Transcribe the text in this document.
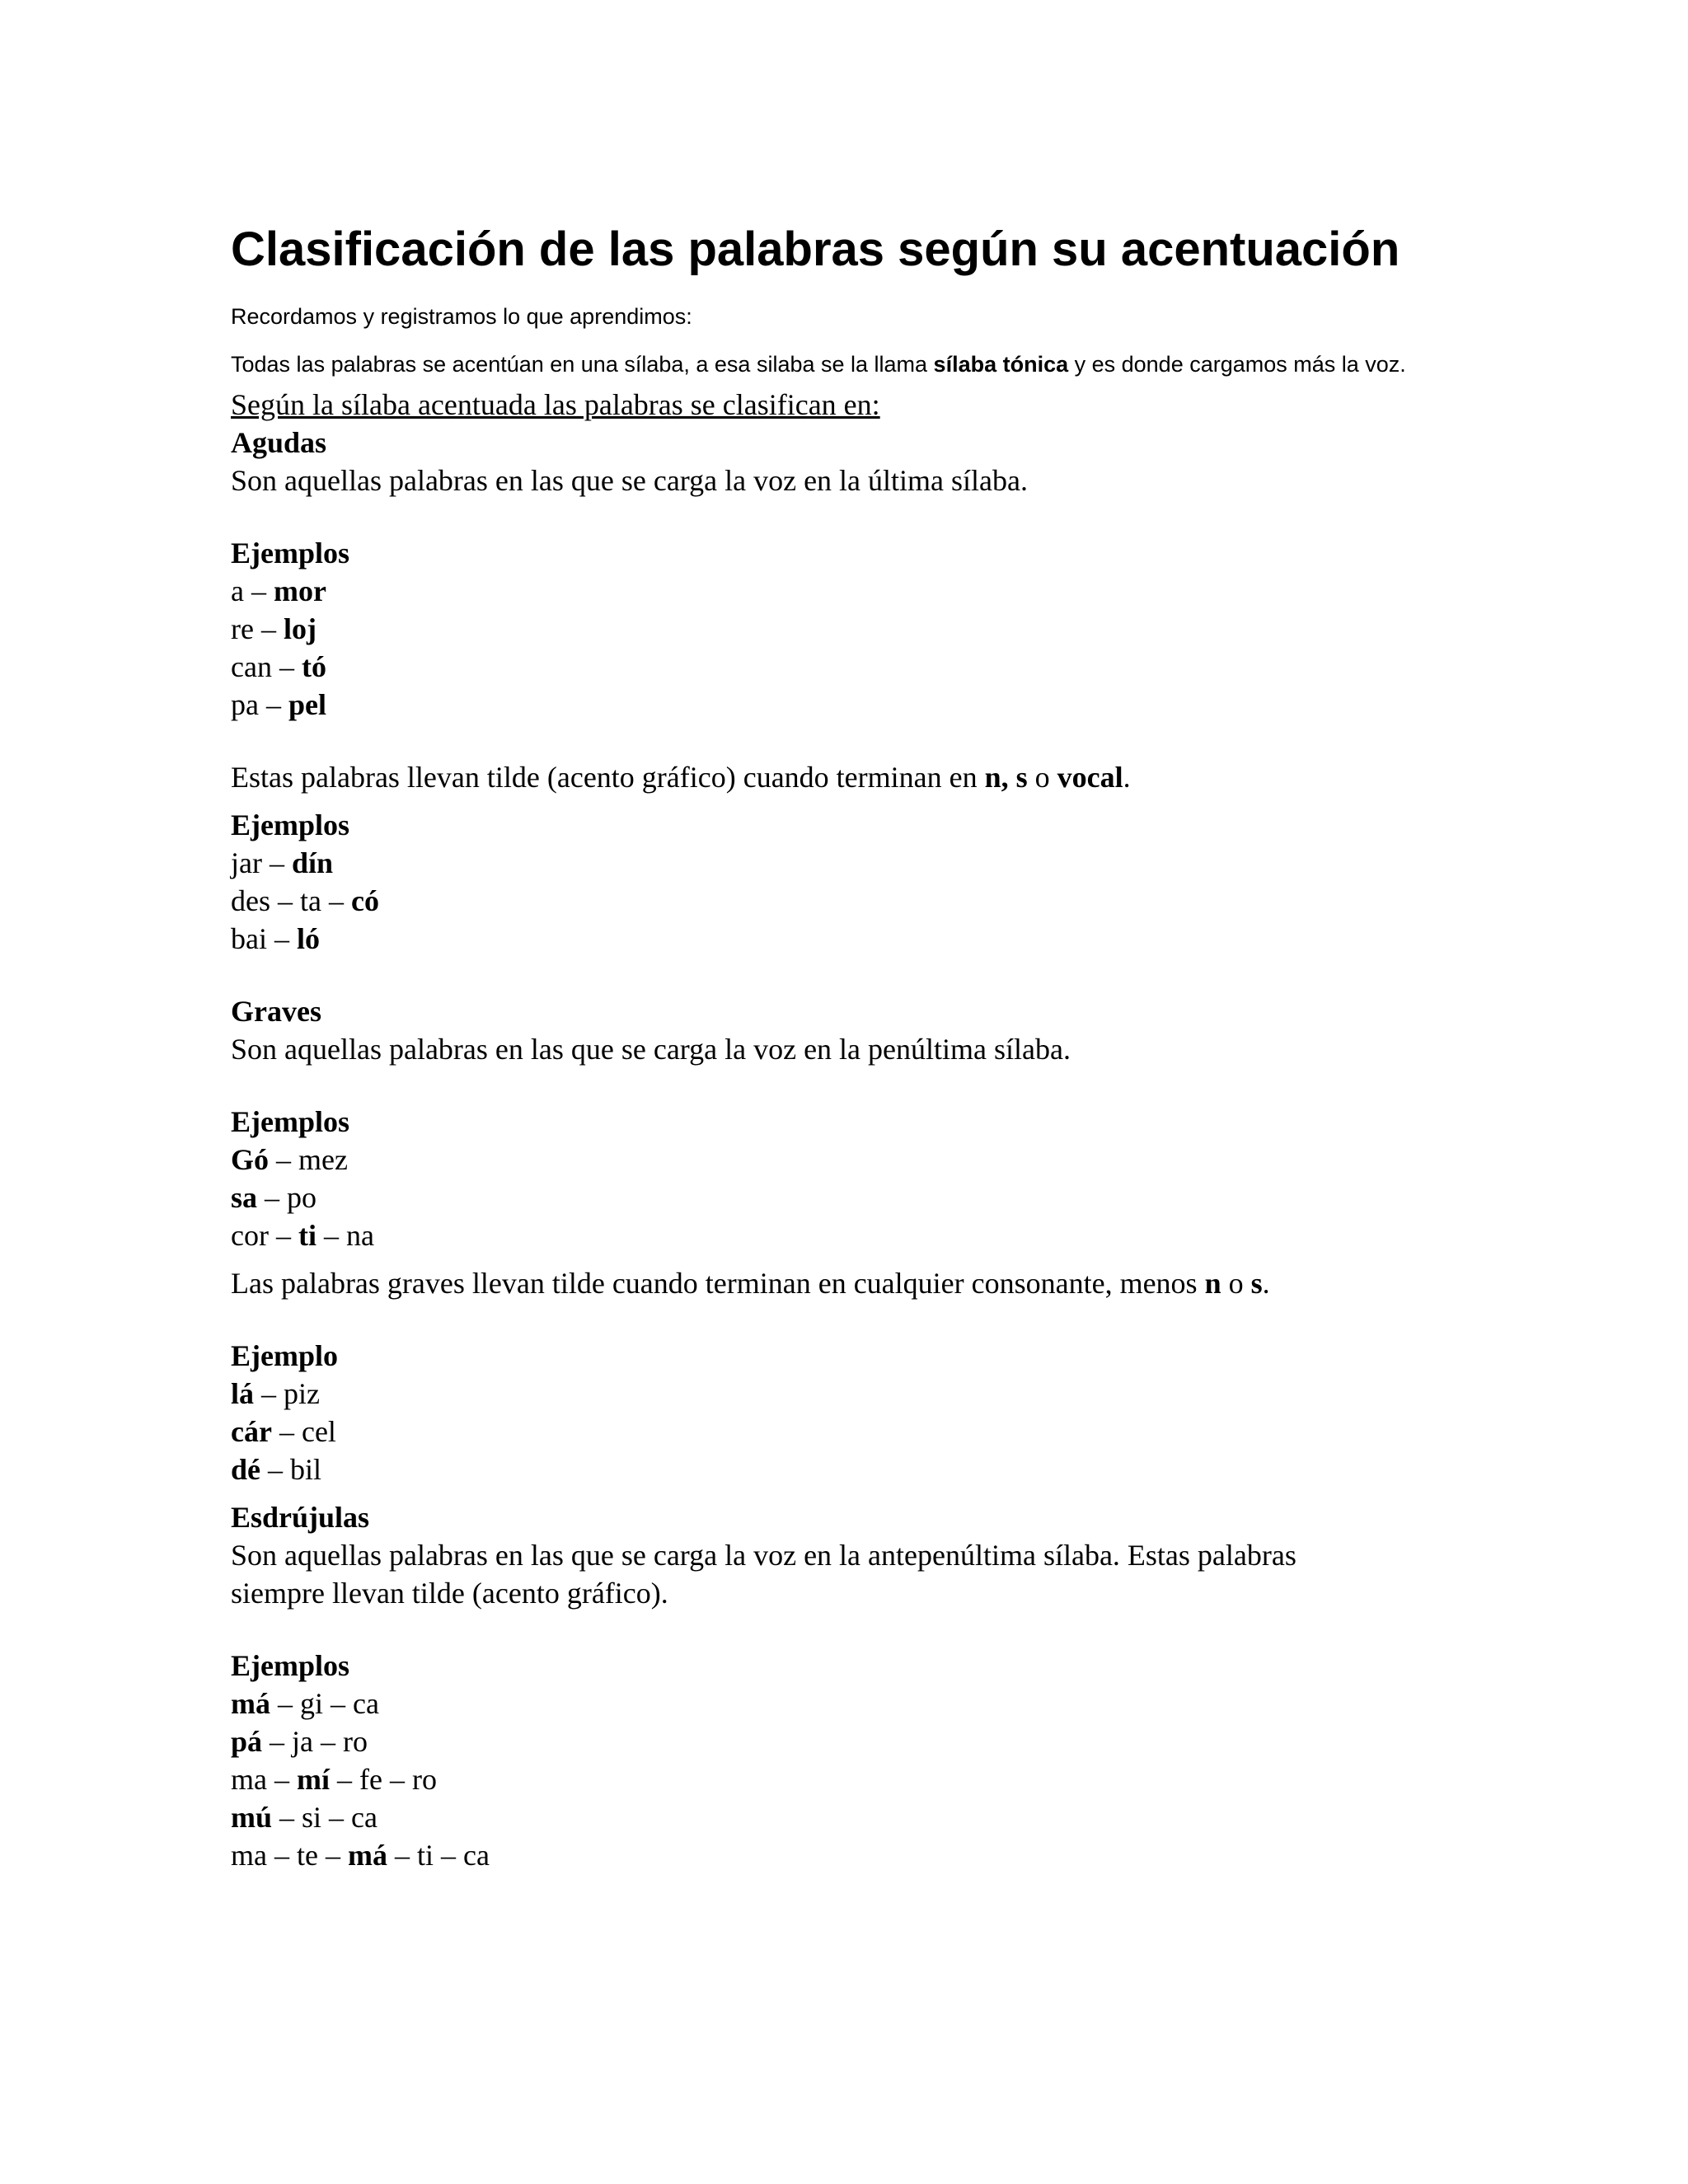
Clasificación de las palabras según su acentuación

Recordamos y registramos lo que aprendimos:

Todas las palabras se acentúan en una sílaba, a esa silaba se la llama sílaba tónica y es donde cargamos más la voz.

Según la sílaba acentuada las palabras se clasifican en:

Agudas

Son aquellas palabras en las que se carga la voz en la última sílaba.

Ejemplos

a – mor

re – loj

can – tó

pa – pel

Estas palabras llevan tilde (acento gráfico) cuando terminan en n, s o vocal.

Ejemplos

jar – dín

des – ta – có

bai – ló

Graves

Son aquellas palabras en las que se carga la voz en la penúltima sílaba.

Ejemplos

Gó – mez

sa – po

cor – ti – na

Las palabras graves llevan tilde cuando terminan en cualquier consonante, menos n o s.

Ejemplo

lá – piz

cár – cel

dé – bil

Esdrújulas

Son aquellas palabras en las que se carga la voz en la antepenúltima sílaba. Estas palabras

siempre llevan tilde (acento gráfico).

Ejemplos

má – gi – ca

pá – ja – ro

ma – mí – fe – ro

mú – si – ca

ma – te – má – ti – ca
